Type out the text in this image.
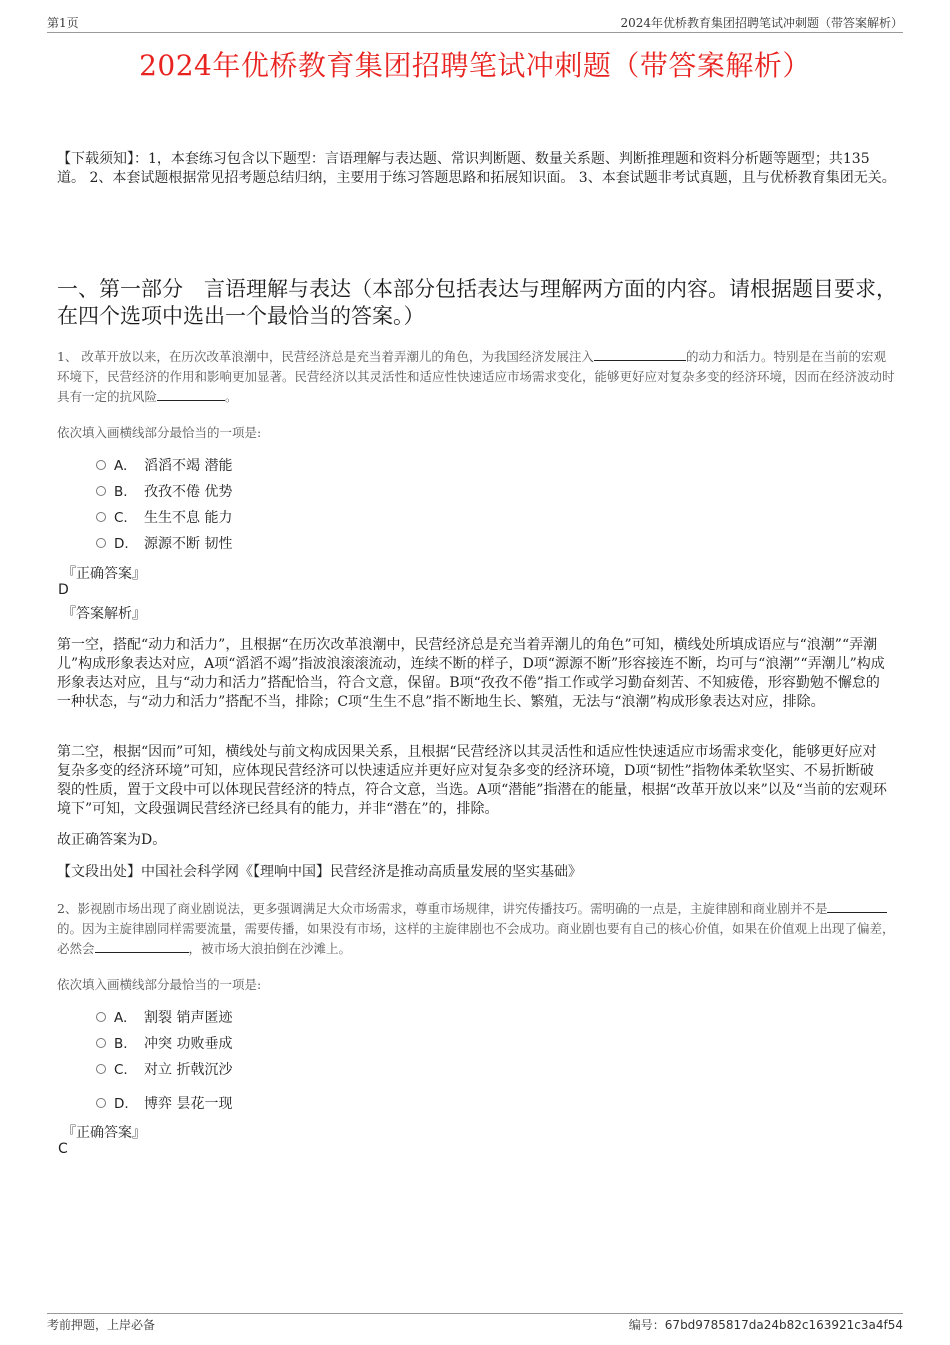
第1页	2024年优桥教育集团招聘笔试冲刺题（带答案解析）
2024年优桥教育集团招聘笔试冲刺题（带答案解析）
【下载须知】：1，本套练习包含以下题型：言语理解与表达题、常识判断题、数量关系题、判断推理题和资料分析题等题型；共135道。 2、本套试题根据常见招考题总结归纳，主要用于练习答题思路和拓展知识面。 3、本套试题非考试真题，且与优桥教育集团无关。
一、第一部分　言语理解与表达（本部分包括表达与理解两方面的内容。请根据题目要求，在四个选项中选出一个最恰当的答案。）
1、 改革开放以来，在历次改革浪潮中，民营经济总是充当着弄潮儿的角色，为我国经济发展注入	的动力和活力。特别是在当前的宏观环境下，民营经济的作用和影响更加显著。民营经济以其灵活性和适应性快速适应市场需求变化，能够更好应对复杂多变的经济环境，因而在经济波动时具有一定的抗风险	。
依次填入画横线部分最恰当的一项是:
A. 滔滔不竭 潜能
B. 孜孜不倦 优势
C. 生生不息 能力
D. 源源不断 韧性
『正确答案』
D
『答案解析』
第一空，搭配“动力和活力”，且根据“在历次改革浪潮中，民营经济总是充当着弄潮儿的角色”可知，横线处所填成语应与“浪潮”“弄潮儿”构成形象表达对应，A项“滔滔不竭”指波浪滚滚流动，连续不断的样子，D项“源源不断”形容接连不断，均可与“浪潮”“弄潮儿”构成形象表达对应，且与“动力和活力”搭配恰当，符合文意，保留。B项“孜孜不倦”指工作或学习勤奋刻苦、不知疲倦，形容勤勉不懈怠的一种状态，与“动力和活力”搭配不当，排除；C项“生生不息”指不断地生长、繁殖，无法与“浪潮”构成形象表达对应，排除。
第二空，根据“因而”可知，横线处与前文构成因果关系，且根据“民营经济以其灵活性和适应性快速适应市场需求变化，能够更好应对复杂多变的经济环境”可知，应体现民营经济可以快速适应并更好应对复杂多变的经济环境，D项“韧性”指物体柔软坚实、不易折断破裂的性质，置于文段中可以体现民营经济的特点，符合文意，当选。A项“潜能”指潜在的能量，根据“改革开放以来”以及“当前的宏观环境下”可知，文段强调民营经济已经具有的能力，并非“潜在”的，排除。
故正确答案为D。
【文段出处】中国社会科学网《【理响中国】民营经济是推动高质量发展的坚实基础》
2、影视剧市场出现了商业剧说法，更多强调满足大众市场需求，尊重市场规律，讲究传播技巧。需明确的一点是，主旋律剧和商业剧并不是的。因为主旋律剧同样需要流量，需要传播，如果没有市场，这样的主旋律剧也不会成功。商业剧也要有自己的核心价值，如果在价值观上出现了偏差，必然会	，被市场大浪拍倒在沙滩上。
依次填入画横线部分最恰当的一项是:
A. 割裂 销声匿迹
B. 冲突 功败垂成
C. 对立 折戟沉沙
D. 博弈 昙花一现
『正确答案』
C
考前押题，上岸必备	编号：67bd9785817da24b82c163921c3a4f54
